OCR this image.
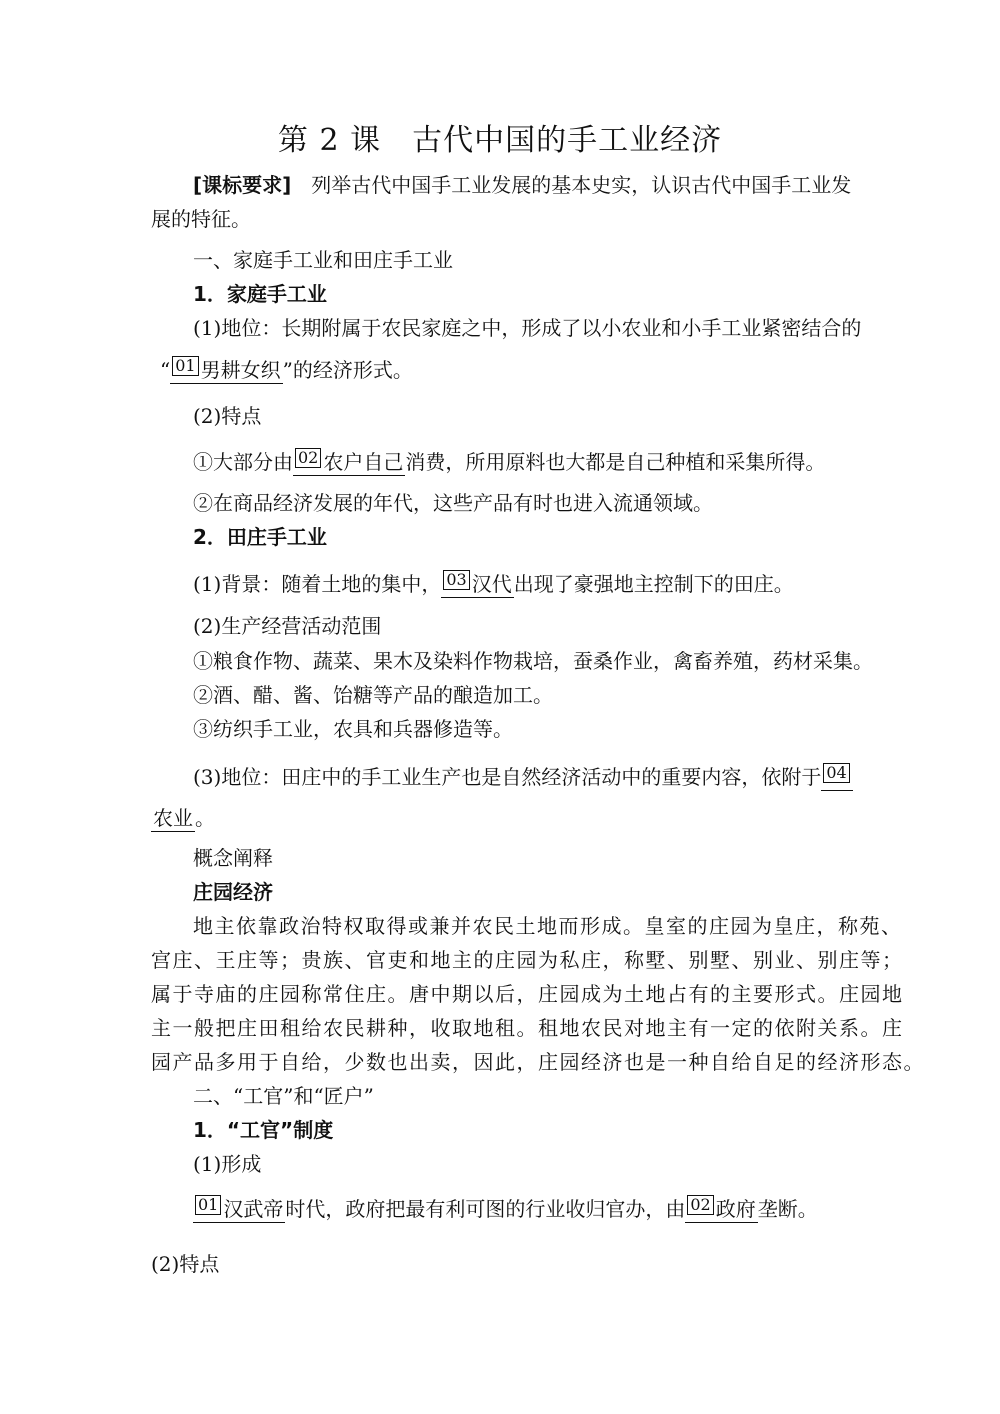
第 2 课　古代中国的手工业经济
[课标要求]　列举古代中国手工业发展的基本史实，认识古代中国手工业发
展的特征。
一、家庭手工业和田庄手工业
1．家庭手工业
(1)地位：长期附属于农民家庭之中，形成了以小农业和小手工业紧密结合的
“ 01 男耕女织 ”的经济形式。
(2)特点
①大部分由 02 农户自己 消费，所用原料也大都是自己种植和采集所得。
②在商品经济发展的年代，这些产品有时也进入流通领域。
2．田庄手工业
(1)背景：随着土地的集中， 03 汉代 出现了豪强地主控制下的田庄。
(2)生产经营活动范围
①粮食作物、蔬菜、果木及染料作物栽培，蚕桑作业，禽畜养殖，药材采集。
②酒、醋、酱、饴糖等产品的酿造加工。
③纺织手工业，农具和兵器修造等。
(3)地位：田庄中的手工业生产也是自然经济活动中的重要内容，依附于 04
农业 。
概念阐释
庄园经济
地主依靠政治特权取得或兼并农民土地而形成。皇室的庄园为皇庄，称苑、
宫庄、王庄等；贵族、官吏和地主的庄园为私庄，称墅、别墅、别业、别庄等；
属于寺庙的庄园称常住庄。唐中期以后，庄园成为土地占有的主要形式。庄园地
主一般把庄田租给农民耕种，收取地租。租地农民对地主有一定的依附关系。庄
园产品多用于自给，少数也出卖，因此，庄园经济也是一种自给自足的经济形态。
二、“工官”和“匠户”
1．“工官”制度
(1)形成
01 汉武帝 时代，政府把最有利可图的行业收归官办，由 02 政府 垄断。
(2)特点
